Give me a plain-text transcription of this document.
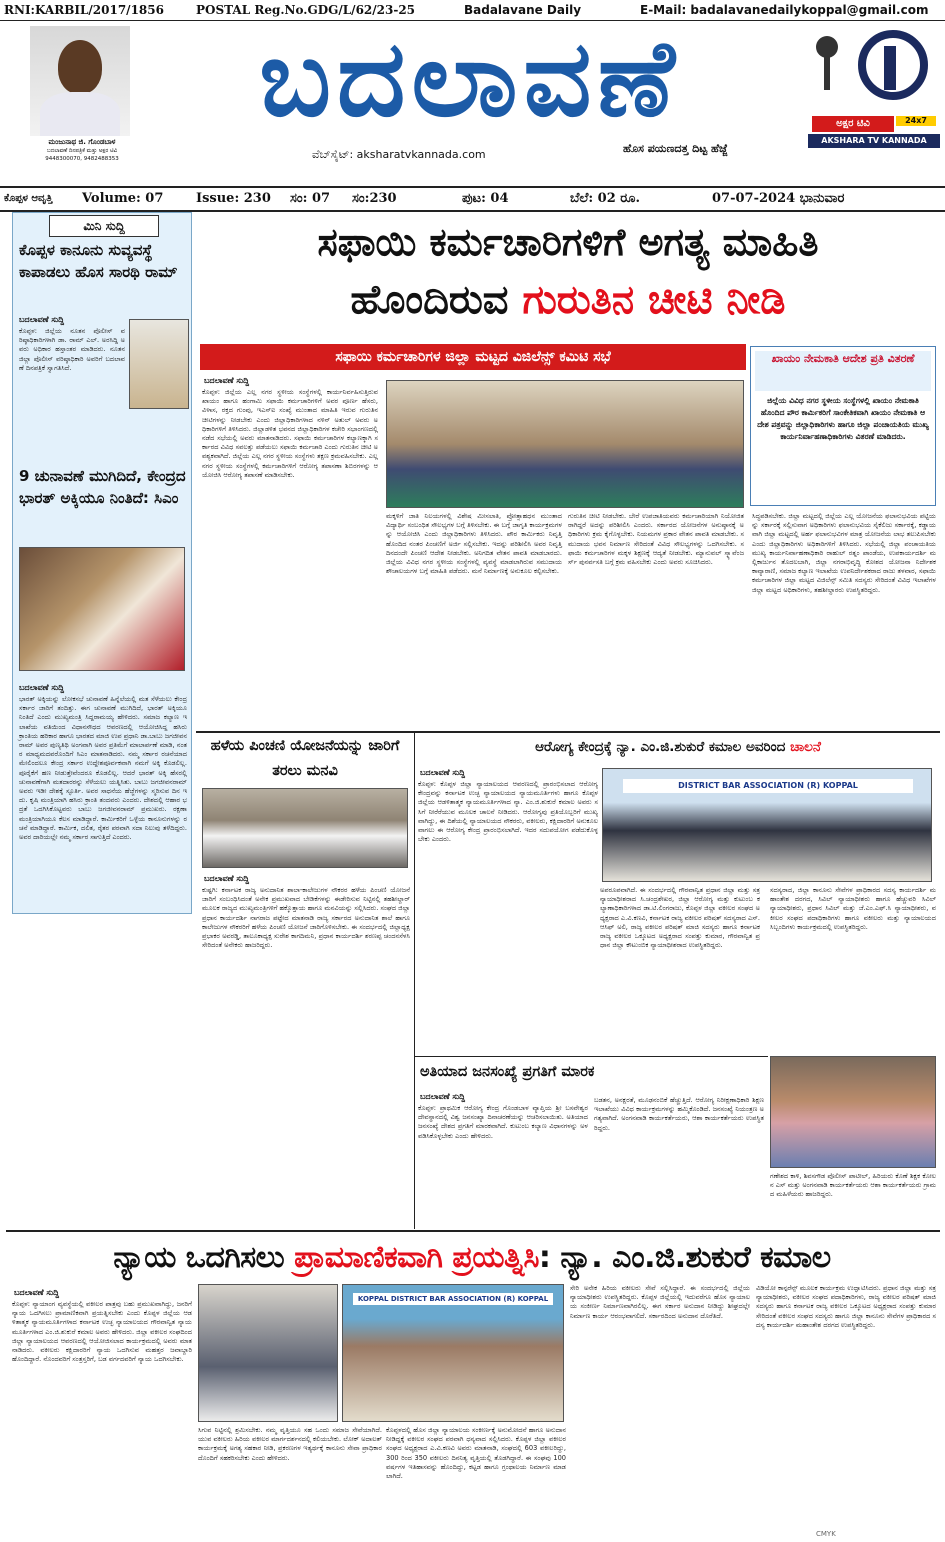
RNI:KARBIL/2017/1856	POSTAL Reg.No.GDG/L/62/23-25	Badalavane Daily	E-Mail: badalavanedailykoppal@gmail.com
ಮಂಜುನಾಥ ಜಿ. ಗೊಂಡಬಾಳ
ಬದಲಾವಣೆ ದಿನಪತ್ರಿಕೆ ಮತ್ತು ಅಕ್ಷರ ಟಿವಿ
9448300070, 9482488353
ಬದಲಾವಣೆ
ವೆಬ್‌ಸೈಟ್: aksharatvkannada.com	ಹೊಸ ಪಯಣದತ್ತ ದಿಟ್ಟ ಹೆಜ್ಜೆ
ಅಕ್ಷರ ಟಿವಿ	24x7
AKSHARA TV KANNADA
ಕೊಪ್ಪಳ ಆವೃತ್ತಿ Volume: 07	Issue: 230 ಸಂ: 07 ಸಂ:230	ಪುಟ: 04	ಬೆಲೆ: 02 ರೂ.	07-07-2024 ಭಾನುವಾರ
ಮಿನಿ ಸುದ್ದಿ
ಕೊಪ್ಪಳ ಕಾನೂನು ಸುವ್ಯವಸ್ಥೆ ಕಾಪಾಡಲು ಹೊಸ ಸಾರಥಿ ರಾಮ್
ಬದಲಾವಣೆ ಸುದ್ದಿ
ಕೊಪ್ಪಳ: ಜಿಲ್ಲೆಯ ನೂತನ ಪೊಲೀಸ್ ವರಿಷ್ಠಾಧಿಕಾರಿಗಳಾಗಿ ಡಾ. ರಾಮ್ ಎಲ್. ಅರಸಿದ್ದಿ ಅವರು ಅಧಿಕಾರ ಹಸ್ತಾಂತರ ಮಾಡಿದರು. ನೂತನ ಜಿಲ್ಲಾ ಪೊಲೀಸ್ ವರಿಷ್ಠಾಧಿಕಾರಿ ಅವರಿಗೆ ಬದಲಾವಣೆ ದಿನಪತ್ರಿಕೆ ಸ್ವಾಗತಿಸಿದೆ.
9 ಚುನಾವಣೆ ಮುಗಿದಿದೆ, ಕೇಂದ್ರದ ಭಾರತ್ ಅಕ್ಕಿಯೂ ನಿಂತಿದೆ: ಸಿಎಂ
ಬದಲಾವಣೆ ಸುದ್ದಿ
ಭಾರತ್ ಅಕ್ಕಿಯನ್ನು ಲೋಕಸಭೆ ಚುನಾವಣೆ ಹಿನ್ನೆಲೆಯಲ್ಲಿ ಮತ ಸೆಳೆಯಲು ಕೇಂದ್ರ ಸರ್ಕಾರ ಜಾರಿಗೆ ತಂದಿತ್ತು. ಈಗ ಚುನಾವಣೆ ಮುಗಿದಿದೆ, ಭಾರತ್ ಅಕ್ಕಿಯೂ ನಿಂತಿದೆ ಎಂದು ಮುಖ್ಯಮಂತ್ರಿ ಸಿದ್ದರಾಮಯ್ಯ ಹೇಳಿದರು. ಸಮಾಜ ಕಲ್ಯಾಣ ಇಲಾಖೆಯ ವತಿಯಿಂದ ವಿಧಾನಸೌಧದ ಆವರಣದಲ್ಲಿ ಆಯೋಜಿಸಿದ್ದ ಹಸಿರು ಕ್ರಾಂತಿಯ ಹರಿಕಾರ ಹಾಗೂ ಭಾರತದ ಮಾಜಿ ಉಪ ಪ್ರಧಾನಿ ಡಾ.ಬಾಬು ಜಗಜೀವನರಾಮ್ ಅವರ ಪುಣ್ಯತಿಥಿ ಅಂಗವಾಗಿ ಅವರ ಪ್ರತಿಮೆಗೆ ಮಾಲಾರ್ಪಣೆ ಮಾಡಿ, ನಂತರ ಮಾಧ್ಯಮದವರೊಂದಿಗೆ ಸಿಎಂ ಮಾತನಾಡಿದರು. ನಮ್ಮ ಸರ್ಕಾರ ರಚನೆಯಾದ ಮೇಲಿಂದಲೂ ಕೇಂದ್ರ ಸರ್ಕಾರ ಉದ್ದೇಶಪೂರ್ವಕವಾಗಿ ನಮಗೆ ಅಕ್ಕಿ ಕೊಡಲಿಲ್ಲ. ಪೂರೈಕೆಗೆ ಹಣ ನೀಡುತ್ತೇವೆಂದರೂ ಕೊಡಲಿಲ್ಲ. ಆದರೆ ಭಾರತ್ ಅಕ್ಕಿ ಹೆಸರಲ್ಲಿ ಚುನಾವಣೆಗಾಗಿ ಮತದಾರರನ್ನು ಸೆಳೆಯಲು ಯತ್ನಿಸಿತು. ಬಾಬು ಜಗಜೀವನರಾಮ್ ಅವರು ಇಡೀ ದೇಶಕ್ಕೆ ಸ್ಫೂರ್ತಿ. ಅವರ ಸಾಧನೆಯ ಹೆಜ್ಜೆಗಳನ್ನು ಸ್ಮರಿಸುವ ದಿನ ಇದು. ಕೃಷಿ ಮಂತ್ರಿಯಾಗಿ ಹಸಿರು ಕ್ರಾಂತಿ ತಂದವರು ಎಂದರು. ದೇಶದಲ್ಲಿ ಆಹಾರ ಭದ್ರತೆ ಒದಗಿಸಿಕೊಟ್ಟವರು ಬಾಬು ಜಗಜೀವನರಾಮ್ ಪ್ರಮುಖರು. ರಕ್ಷಣಾ ಮಂತ್ರಿಯಾಗಿಯೂ ಕೆಲಸ ಮಾಡಿದ್ದಾರೆ. ಕಾರ್ಮಿಕರಿಗೆ ಒಳ್ಳೆಯ ಕಾನೂನುಗಳನ್ನು ರಚನೆ ಮಾಡಿದ್ದಾರೆ. ಕಾರ್ಮಿಕ, ದಲಿತ, ರೈತರ ಪರವಾಗಿ ಸದಾ ನಿಲುವು ತಳೆದಿದ್ದರು. ಅವರ ದಾರಿಯಲ್ಲೇ ನಮ್ಮ ಸರ್ಕಾರ ಸಾಗುತ್ತಿದೆ ಎಂದರು.
ಸಫಾಯಿ ಕರ್ಮಚಾರಿಗಳಿಗೆ ಅಗತ್ಯ ಮಾಹಿತಿ
ಹೊಂದಿರುವ ಗುರುತಿನ ಚೀಟಿ ನೀಡಿ
ಸಫಾಯಿ ಕರ್ಮಚಾರಿಗಳ ಜಿಲ್ಲಾ ಮಟ್ಟದ ವಿಜಿಲೆನ್ಸ್ ಕಮಿಟಿ ಸಭೆ
ಬದಲಾವಣೆ ಸುದ್ದಿ
ಕೊಪ್ಪಳ: ಜಿಲ್ಲೆಯ ಎಲ್ಲ ನಗರ ಸ್ಥಳೀಯ ಸಂಸ್ಥೆಗಳಲ್ಲಿ ಕಾರ್ಯನಿರ್ವಹಿಸುತ್ತಿರುವ ಖಾಯಂ ಹಾಗೂ ಹಂಗಾಮಿ ಸಫಾಯಿ ಕರ್ಮಚಾರಿಗಳಿಗೆ ಅವರ ಪೂರ್ಣ ಹೆಸರು, ವಿಳಾಸ, ರಕ್ತದ ಗುಂಪು, ಇಎಸ್‌ಐ ಸಂಖ್ಯೆ ಮುಂತಾದ ಮಾಹಿತಿ ಇರುವ ಗುರುತಿನ ಚೀಟಿಗಳನ್ನು ನೀಡಬೇಕು ಎಂದು ಜಿಲ್ಲಾಧಿಕಾರಿಗಳಾದ ನಳಿನ್ ಅತುಲ್ ಅವರು ಅಧಿಕಾರಿಗಳಿಗೆ ತಿಳಿಸಿದರು. ಜಿಲ್ಲಾಡಳಿತ ಭವನದ ಜಿಲ್ಲಾಧಿಕಾರಿಗಳ ಕಚೇರಿ ಸಭಾಂಗಣದಲ್ಲಿ ನಡೆದ ಸಭೆಯಲ್ಲಿ ಅವರು ಮಾತನಾಡಿದರು. ಸಫಾಯಿ ಕರ್ಮಚಾರಿಗಳ ಕಲ್ಯಾಣಕ್ಕಾಗಿ ಸರ್ಕಾರದ ವಿವಿಧ ಸವಲತ್ತು ಪಡೆಯಲು ಸಫಾಯಿ ಕರ್ಮಚಾರಿ ಎಂದು ಗುರುತಿನ ಚೀಟಿ ಅವಶ್ಯಕವಾಗಿದೆ. ಜಿಲ್ಲೆಯ ಎಲ್ಲ ನಗರ ಸ್ಥಳೀಯ ಸಂಸ್ಥೆಗಳು ತಕ್ಷಣ ಕ್ರಮವಹಿಸಬೇಕು. ಎಲ್ಲ ನಗರ ಸ್ಥಳೀಯ ಸಂಸ್ಥೆಗಳಲ್ಲಿ ಕರ್ಮಚಾರಿಗಳಿಗೆ ಆರೋಗ್ಯ ತಪಾಸಣಾ ಶಿಬಿರಗಳನ್ನು ಆಯೋಜಿಸಿ ಆರೋಗ್ಯ ತಪಾಸಣೆ ಮಾಡಿಸಬೇಕು.
ಮಕ್ಕಳಿಗೆ ಜಾತಿ ನಿಲಯಗಳಲ್ಲಿ ವಿಶೇಷ ಮೀಸಲಾತಿ, ಪ್ರೋತ್ಸಾಹಧನ ಮುಂತಾದ ವಿದ್ಯಾರ್ಥಿ ಸಂಬಂಧಿತ ಸೌಲಭ್ಯಗಳ ಬಗ್ಗೆ ತಿಳಿಸಬೇಕು. ಈ ಬಗ್ಗೆ ಜಾಗೃತಿ ಕಾರ್ಯಕ್ರಮಗಳನ್ನು ಆಯೋಜಿಸಿ ಎಂದು ಜಿಲ್ಲಾಧಿಕಾರಿಗಳು ತಿಳಿಸಿದರು. ಪೌರ ಕಾರ್ಮಿಕರು ನಿವೃತ್ತಿ ಹೊಂದಿದ ನಂತರ ಪಿಂಚಣಿಗೆ ಅರ್ಜಿ ಸಲ್ಲಿಸಬೇಕು. ಇದನ್ನು ಪರಿಶೀಲಿಸಿ ಅವರ ನಿವೃತ್ತಿ ದಿನದಂದೇ ಪಿಂಚಣಿ ಆದೇಶ ನೀಡಬೇಕು. ಅನಿಗದಿತ ವೇತನ ಪಾವತಿ ಮಾಡಬಾರದು. ಜಿಲ್ಲೆಯ ವಿವಿಧ ನಗರ ಸ್ಥಳೀಯ ಸಂಸ್ಥೆಗಳಲ್ಲಿ ವ್ಯವಸ್ಥೆ ಮಾಡಲಾಗಿರುವ ಸಮುದಾಯ ಶೌಚಾಲಯಗಳ ಬಗ್ಗೆ ಮಾಹಿತಿ ಪಡೆದರು. ಮನೆ ನಿರ್ಮಾಣಕ್ಕೆ ಅನುಕೂಲ ಕಲ್ಪಿಸಬೇಕು.
ಗುರುತಿನ ಚೀಟಿ ನೀಡಬೇಕು. ಬೇರೆ ಉಪಜಾತಿಯವರು ಕರ್ಮಚಾರಿಯಾಗಿ ನಿಯೋಜಿತರಾಗಿದ್ದರೆ ಅದನ್ನು ಪರಿಶೀಲಿಸಿ ಎಂದರು. ಸರ್ಕಾರದ ಯೋಜನೆಗಳ ಅನುಷ್ಠಾನಕ್ಕೆ ಅಧಿಕಾರಿಗಳು ಕ್ರಮ ಕೈಗೊಳ್ಳಬೇಕು. ನಿಯಮಗಳ ಪ್ರಕಾರ ವೇತನ ಪಾವತಿ ಮಾಡಬೇಕು. ಸಮುದಾಯ ಭವನ ನಿರ್ಮಾಣ ಸೇರಿದಂತೆ ವಿವಿಧ ಸೌಲಭ್ಯಗಳನ್ನು ಒದಗಿಸಬೇಕು. ಸಫಾಯಿ ಕರ್ಮಚಾರಿಗಳ ಮಕ್ಕಳ ಶಿಕ್ಷಣಕ್ಕೆ ಆದ್ಯತೆ ನೀಡಬೇಕು. ಮ್ಯಾನುವಲ್ ಸ್ಕ್ಯಾವೆಂಜರ್ಸ್ ಪುನರ್ವಸತಿ ಬಗ್ಗೆ ಕ್ರಮ ವಹಿಸಬೇಕು ಎಂದು ಅವರು ಸೂಚಿಸಿದರು.
ಖಾಯಂ ನೇಮಕಾತಿ ಆದೇಶ ಪ್ರತಿ ವಿತರಣೆ
ಜಿಲ್ಲೆಯ ವಿವಿಧ ನಗರ ಸ್ಥಳೀಯ ಸಂಸ್ಥೆಗಳಲ್ಲಿ ಖಾಯಂ ನೇಮಕಾತಿ ಹೊಂದಿದ ಪೌರ ಕಾರ್ಮಿಕರಿಗೆ ಸಾಂಕೇತಿಕವಾಗಿ ಖಾಯಂ ನೇಮಕಾತಿ ಆದೇಶ ಪತ್ರವನ್ನು ಜಿಲ್ಲಾಧಿಕಾರಿಗಳು ಹಾಗೂ ಜಿಲ್ಲಾ ಪಂಚಾಯತಿಯ ಮುಖ್ಯ ಕಾರ್ಯನಿರ್ವಾಹಣಾಧಿಕಾರಿಗಳು ವಿತರಣೆ ಮಾಡಿದರು.
ಸಿದ್ಧಪಡಿಸಬೇಕು. ಜಿಲ್ಲಾ ಮಟ್ಟದಲ್ಲಿ ಜಿಲ್ಲೆಯ ಎಲ್ಲ ಯೋಜನೆಯ ಫಲಾನುಭವಿಯ ಪಟ್ಟಿಯನ್ನು ಸರ್ಕಾರಕ್ಕೆ ಸಲ್ಲಿಸುವಾಗ ಅಧಿಕಾರಿಗಳು ಫಲಾನುಭವಿಯ ಸೈಕೆಲಿಜು ಸರ್ಕಾರಕ್ಕೆ, ಕಡ್ಡಾಯವಾಗಿ ಜಿಲ್ಲಾ ಮಟ್ಟದಲ್ಲಿ ಅರ್ಹ ಫಲಾನುಭವಿಗಳ ಮಾತ್ರ ಯೋಜನೆಯ ಲಾಭ ತಲುಪಿಸಬೇಕು ಎಂದು ಜಿಲ್ಲಾಧಿಕಾರಿಗಳು ಅಧಿಕಾರಿಗಳಿಗೆ ತಿಳಿಸಿದರು. ಸಭೆಯಲ್ಲಿ ಜಿಲ್ಲಾ ಪಂಚಾಯತಿಯ ಮುಖ್ಯ ಕಾರ್ಯನಿರ್ವಾಹಣಾಧಿಕಾರಿ ರಾಹುಲ್ ರತ್ನಂ ಪಾಂಡೆಯ, ಉಪಕಾರ್ಯದರ್ಶಿ ಮಲ್ಲಿಕಾರ್ಜುನ ತೊದಲಬಾಗಿ, ಜಿಲ್ಲಾ ನಗರಾಭಿವೃದ್ಧಿ ಕೋಶದ ಯೋಜನಾ ನಿರ್ದೇಶಕ ಕಾವ್ಯಾರಾಣಿ, ಸಮಾಜ ಕಲ್ಯಾಣ ಇಲಾಖೆಯ ಉಪನಿರ್ದೇಶಕರಾದ ರಾಜು ತಳವಾರ, ಸಫಾಯಿ ಕರ್ಮಚಾರಿಗಳ ಜಿಲ್ಲಾ ಮಟ್ಟದ ವಿಜಿಲೆನ್ಸ್ ಸಮಿತಿ ಸದಸ್ಯರು ಸೇರಿದಂತೆ ವಿವಿಧ ಇಲಾಖೆಗಳ ಜಿಲ್ಲಾ ಮಟ್ಟದ ಅಧಿಕಾರಿಗಳು, ತಹಶೀಲ್ದಾರರು ಉಪಸ್ಥಿತರಿದ್ದರು.
ಹಳೆಯ ಪಿಂಚಣಿ ಯೋಜನೆಯನ್ನು ಜಾರಿಗೆ ತರಲು ಮನವಿ
ಬದಲಾವಣೆ ಸುದ್ದಿ
ಕುಷ್ಟಗಿ: ಕರ್ನಾಟಕ ರಾಜ್ಯ ಅನುದಾನಿತ ಶಾಲಾ-ಕಾಲೇಜುಗಳ ನೌಕರರ ಹಳೆಯ ಪಿಂಚಣಿ ಯೋಜನೆ ಜಾರಿಗೆ ಸಂಬಂಧಿಸಿದಂತೆ ಅನೇಕ ಪ್ರಮುಖವಾದ ಬೇಡಿಕೆಗಳನ್ನು ಈಡೇರಿಸುವ ನಿಟ್ಟಿನಲ್ಲಿ ತಹಶೀಲ್ದಾರ್ ಮೂಲಕ ರಾಜ್ಯದ ಮುಖ್ಯಮಂತ್ರಿಗಳಿಗೆ ಹಕ್ಕೊತ್ತಾಯ ಹಾಗೂ ಮನವಿಯನ್ನು ಸಲ್ಲಿಸಿದರು. ಸಂಘದ ಜಿಲ್ಲಾ ಪ್ರಧಾನ ಕಾರ್ಯದರ್ಶಿ ನಾಗರಾಜ ಪಟ್ಟೇದ ಮಾತನಾಡಿ ರಾಜ್ಯ ಸರ್ಕಾರದ ಅನುದಾನಿತ ಶಾಲೆ ಹಾಗೂ ಕಾಲೇಜುಗಳ ನೌಕರರಿಗೆ ಹಳೆಯ ಪಿಂಚಣಿ ಯೋಜನೆ ಜಾರಿಗೊಳಿಸಬೇಕು. ಈ ಸಂದರ್ಭದಲ್ಲಿ ಜಿಲ್ಲಾಧ್ಯಕ್ಷ ಪ್ರಭಾಕರ ಅವರಡ್ಡಿ, ತಾಲೂಕಾಧ್ಯಕ್ಷ ಸುರೇಶ ಕಾಗದಿಮನಿ, ಪ್ರಧಾನ ಕಾರ್ಯದರ್ಶಿ ಶರಣಪ್ಪ ಚಂದನಸೆಳಸಿ ಸೇರಿದಂತೆ ಅನೇಕರು ಹಾಜರಿದ್ದರು.
ಆರೋಗ್ಯ ಕೇಂದ್ರಕ್ಕೆ ನ್ಯಾ. ಎಂ.ಜಿ.ಶುಕುರೆ ಕಮಾಲ ಅವರಿಂದ ಚಾಲನೆ
ಬದಲಾವಣೆ ಸುದ್ದಿ
ಕೊಪ್ಪಳ: ಕೊಪ್ಪಳ ಜಿಲ್ಲಾ ನ್ಯಾಯಾಲಯದ ಆವರಣದಲ್ಲಿ ಪ್ರಾರಂಭಿಸಲಾದ ಆರೋಗ್ಯ ಕೇಂದ್ರವನ್ನು ಕರ್ನಾಟಕ ಉಚ್ಛ ನ್ಯಾಯಾಲಯದ ನ್ಯಾಯಮೂರ್ತಿಗಳು ಹಾಗೂ ಕೊಪ್ಪಳ ಜಿಲ್ಲೆಯ ಆಡಳಿತಾತ್ಮಕ ನ್ಯಾಯಮೂರ್ತಿಗಳಾದ ನ್ಯಾ. ಎಂ.ಜಿ.ಶುಕುರೆ ಕಮಾಲ ಅವರು ಸಸಿಗೆ ನೀರೆರೆಯುವ ಮೂಲಕ ಚಾಲನೆ ನೀಡಿದರು. ಆರೋಗ್ಯವು ಪ್ರತಿಯೊಬ್ಬರಿಗೆ ಮುಖ್ಯವಾಗಿದ್ದು, ಈ ದಿಶೆಯಲ್ಲಿ ನ್ಯಾಯಾಲಯದ ನೌಕರರು, ವಕೀಲರು, ಕಕ್ಷಿದಾರರಿಗೆ ಅನುಕೂಲವಾಗಲು ಈ ಆರೋಗ್ಯ ಕೇಂದ್ರ ಪ್ರಾರಂಭಿಸಲಾಗಿದೆ. ಇದರ ಸದುಪಯೋಗ ಪಡೆದುಕೊಳ್ಳಬೇಕು ಎಂದರು.
DISTRICT BAR ASSOCIATION (R) KOPPAL
ಅಪರೂಪವಾಗಿದೆ. ಈ ಸಂದರ್ಭದಲ್ಲಿ ಗೌರವಾನ್ವಿತ ಪ್ರಧಾನ ಜಿಲ್ಲಾ ಮತ್ತು ಸತ್ರ ನ್ಯಾಯಾಧೀಶರಾದ ಸಿ.ಚಂದ್ರಶೇಖರ, ಜಿಲ್ಲಾ ಆರೋಗ್ಯ ಮತ್ತು ಕುಟುಂಬ ಕಲ್ಯಾಣಾಧಿಕಾರಿಗಳಾದ ಡಾ.ಟಿ.ಲಿಂಗರಾಜು, ಕೊಪ್ಪಳ ಜಿಲ್ಲಾ ವಕೀಲರ ಸಂಘದ ಅಧ್ಯಕ್ಷರಾದ ಎ.ವಿ.ಕಣವಿ, ಕರ್ನಾಟಕ ರಾಜ್ಯ ವಕೀಲರ ಪರಿಷತ್ ಸದಸ್ಯರಾದ ಎಸ್.ಆಸಿಫ್ ಅಲಿ, ರಾಜ್ಯ ವಕೀಲರ ಪರಿಷತ್ ಮಾಜಿ ಸದಸ್ಯರು ಹಾಗೂ ಕರ್ನಾಟಕ ರಾಜ್ಯ ವಕೀಲರ ಒಕ್ಕೂಟದ ಅಧ್ಯಕ್ಷರಾದ ಸಂಪತ್ತು ಕುಮಾರ, ಗೌರವಾನ್ವಿತ ಪ್ರಧಾನ ಜಿಲ್ಲಾ ಕೌಟುಂಬಿಕ ನ್ಯಾಯಾಧೀಶರಾದ ಉಪಸ್ಥಿತರಿದ್ದರು.
ಸದಸ್ಯರಾದ, ಜಿಲ್ಲಾ ಕಾನೂನು ಸೇವೆಗಳ ಪ್ರಾಧಿಕಾರದ ಸದಸ್ಯ ಕಾರ್ಯದರ್ಶಿ ಮಹಾಂತೇಶ ದರಗದ, ಸಿವಿಲ್ ನ್ಯಾಯಾಧೀಶರು ಹಾಗೂ ಹೆಚ್ಚುವರಿ ಸಿವಿಲ್ ನ್ಯಾಯಾಧೀಶರು, ಪ್ರಧಾನ ಸಿವಿಲ್ ಮತ್ತು ಜೆ.ಎಂ.ಎಫ್.ಸಿ ನ್ಯಾಯಾಧೀಶರು, ವಕೀಲರ ಸಂಘದ ಪದಾಧಿಕಾರಿಗಳು ಹಾಗೂ ವಕೀಲರು ಮತ್ತು ನ್ಯಾಯಾಲಯದ ಸಿಬ್ಬಂದಿಗಳು ಕಾರ್ಯಕ್ರಮದಲ್ಲಿ ಉಪಸ್ಥಿತರಿದ್ದರು.
ಅತಿಯಾದ ಜನಸಂಖ್ಯೆ ಪ್ರಗತಿಗೆ ಮಾರಕ
ಬದಲಾವಣೆ ಸುದ್ದಿ
ಕೊಪ್ಪಳ: ಪ್ರಾಥಮಿಕ ಆರೋಗ್ಯ ಕೇಂದ್ರ ಗೊಂಡಬಾಳ ವ್ಯಾಪ್ತಿಯ ಶ್ರೀ ಬಸವೇಶ್ವರ ದೇವಸ್ಥಾನದಲ್ಲಿ ವಿಶ್ವ ಜನಸಂಖ್ಯಾ ದಿನಾಚರಣೆಯನ್ನು ಆಚರಿಸಲಾಯಿತು. ಅತಿಯಾದ ಜನಸಂಖ್ಯೆ ದೇಶದ ಪ್ರಗತಿಗೆ ಮಾರಕವಾಗಿದೆ. ಕುಟುಂಬ ಕಲ್ಯಾಣ ವಿಧಾನಗಳನ್ನು ಅಳವಡಿಸಿಕೊಳ್ಳಬೇಕು ಎಂದು ಹೇಳಿದರು.
ಬಡತನ, ಅನಕ್ಷರತೆ, ಮೂಢನಂಬಿಕೆ ಹೆಚ್ಚುತ್ತಿದೆ. ಆರೋಗ್ಯ ನಿರೀಕ್ಷಣಾಧಿಕಾರಿ ಶಿಕ್ಷಣ ಇಲಾಖೆಯು ವಿವಿಧ ಕಾರ್ಯಕ್ರಮಗಳನ್ನು ಹಮ್ಮಿಕೊಂಡಿದೆ. ಜನಸಂಖ್ಯೆ ನಿಯಂತ್ರಣ ಅಗತ್ಯವಾಗಿದೆ. ಅಂಗನವಾಡಿ ಕಾರ್ಯಕರ್ತೆಯರು, ಆಶಾ ಕಾರ್ಯಕರ್ತೆಯರು ಉಪಸ್ಥಿತರಿದ್ದರು.
ಗಣೇಶದ ಕಾಳಿ, ಶಿವಸಗೌಡ ಪೊಲೀಸ್ ಪಾಟೀಲ್, ಹಿರಿಯರು ಕೊಣೆ ಶಿಕ್ಷಕ ಕೋಲನ ಎಸ್ ಮತ್ತು ಅಂಗನವಾಡಿ ಕಾರ್ಯಕರ್ತೆಯರು ಆಶಾ ಕಾರ್ಯಕರ್ತೆಯರು ಗ್ರಾಮದ ಮಹಿಳೆಯರು ಹಾಜರಿದ್ದರು.
ನ್ಯಾಯ ಒದಗಿಸಲು ಪ್ರಾಮಾಣಿಕವಾಗಿ ಪ್ರಯತ್ನಿಸಿ: ನ್ಯಾ. ಎಂ.ಜಿ.ಶುಕುರೆ ಕಮಾಲ
ಬದಲಾವಣೆ ಸುದ್ದಿ
ಕೊಪ್ಪಳ: ನ್ಯಾಯಾಂಗ ವ್ಯವಸ್ಥೆಯಲ್ಲಿ ವಕೀಲರ ಪಾತ್ರವು ಬಹು ಪ್ರಮುಖವಾಗಿದ್ದು, ಜನರಿಗೆ ನ್ಯಾಯ ಒದಗಿಸಲು ಪ್ರಾಮಾಣಿಕವಾಗಿ ಪ್ರಯತ್ನಿಸಬೇಕು ಎಂದು ಕೊಪ್ಪಳ ಜಿಲ್ಲೆಯ ಆಡಳಿತಾತ್ಮಕ ನ್ಯಾಯಮೂರ್ತಿಗಳಾದ ಕರ್ನಾಟಕ ಉಚ್ಛ ನ್ಯಾಯಾಲಯದ ಗೌರವಾನ್ವಿತ ನ್ಯಾಯಮೂರ್ತಿಗಳಾದ ಎಂ.ಜಿ.ಶುಕುರೆ ಕಮಾಲ ಅವರು ಹೇಳಿದರು. ಜಿಲ್ಲಾ ವಕೀಲರ ಸಂಘದಿಂದ ಜಿಲ್ಲಾ ನ್ಯಾಯಾಲಯದ ಆವರಣದಲ್ಲಿ ಆಯೋಜಿಸಲಾದ ಕಾರ್ಯಕ್ರಮದಲ್ಲಿ ಅವರು ಮಾತನಾಡಿದರು. ವಕೀಲರು ಕಕ್ಷಿದಾರರಿಗೆ ನ್ಯಾಯ ಒದಗಿಸುವ ಮಹತ್ತರ ಜವಾಬ್ದಾರಿ ಹೊಂದಿದ್ದಾರೆ. ನೊಂದವರಿಗೆ ಸಂತ್ರಸ್ತರಿಗೆ, ಬಡ ವರ್ಗದವರಿಗೆ ನ್ಯಾಯ ಒದಗಿಸಬೇಕು.
KOPPAL DISTRICT BAR ASSOCIATION (R) KOPPAL
ಸಿಗುವ ನಿಟ್ಟಿನಲ್ಲಿ ಶ್ರಮಿಸಬೇಕು. ನಮ್ಮ ವೃತ್ತಿಯೂ ಸಹ ಒಂದು ಸಮಾಜ ಸೇವೆಯಾಗಿದೆ. ಯುವ ವಕೀಲರು ಹಿರಿಯ ವಕೀಲರ ಮಾರ್ಗದರ್ಶನದಲ್ಲಿ ಕಲಿಯಬೇಕು. ಲೋಕ್ ಅದಾಲತ್ ಕಾರ್ಯಕ್ರಮಕ್ಕೆ ಅಗತ್ಯ ಸಹಕಾರ ನೀಡಿ, ಪ್ರಕರಣಗಳ ಇತ್ಯರ್ಥಕ್ಕೆ ಕಾನೂನು ಸೇವಾ ಪ್ರಾಧಿಕಾರದೊಂದಿಗೆ ಸಹಕರಿಸಬೇಕು ಎಂದು ಹೇಳಿದರು.
ಕೊಪ್ಪಳದಲ್ಲಿ ಹೊಸ ಜಿಲ್ಲಾ ನ್ಯಾಯಾಲಯ ಸಂಕೀರ್ಣಕ್ಕೆ ಅನುಮೋದನೆ ಹಾಗೂ ಅನುದಾನ ನೀಡಿದ್ದಕ್ಕೆ ವಕೀಲರ ಸಂಘದ ಪರವಾಗಿ ಧನ್ಯವಾದ ಸಲ್ಲಿಸಿದರು. ಕೊಪ್ಪಳ ಜಿಲ್ಲಾ ವಕೀಲರ ಸಂಘದ ಅಧ್ಯಕ್ಷರಾದ ಎ.ವಿ.ಕಣವಿ ಅವರು ಮಾತನಾಡಿ, ಸಂಘದಲ್ಲಿ 603 ವಕೀಲರಿದ್ದು, 300 ರಿಂದ 350 ವಕೀಲರು ದಿನನಿತ್ಯ ವೃತ್ತಿಯಲ್ಲಿ ತೊಡಗಿದ್ದಾರೆ. ಈ ಸಂಘವು 100 ವರ್ಷಗಳ ಇತಿಹಾಸವನ್ನು ಹೊಂದಿದ್ದು, ಕಟ್ಟಡ ಹಾಗೂ ಗ್ರಂಥಾಲಯ ನಿರ್ಮಾಣ ಮಾಡಲಾಗಿದೆ.
ಸೇರಿ ಅನೇಕ ಹಿರಿಯ ವಕೀಲರು ಸೇವೆ ಸಲ್ಲಿಸಿದ್ದಾರೆ. ಈ ಸಂದರ್ಭದಲ್ಲಿ ಜಿಲ್ಲೆಯ ನ್ಯಾಯಾಧೀಶರು ಉಪಸ್ಥಿತರಿದ್ದರು. ಕೊಪ್ಪಳ ಜಿಲ್ಲೆಯಲ್ಲಿ ಇದುವರೆಗೂ ಹೊಸ ನ್ಯಾಯಾಲಯ ಸಂಕೀರ್ಣ ನಿರ್ಮಾಣವಾಗಿರಲಿಲ್ಲ. ಈಗ ಸರ್ಕಾರ ಅನುದಾನ ನೀಡಿದ್ದು ಶೀಘ್ರದಲ್ಲೇ ನಿರ್ಮಾಣ ಕಾರ್ಯ ಆರಂಭವಾಗಲಿದೆ. ಸರ್ಕಾರದಿಂದ ಅನುದಾನ ದೊರೆತಿದೆ.
ವಿಡಿಯೋ ಕಾನ್ಫರೆನ್ಸ್ ಮೂಲಕ ಕಾರ್ಯಕ್ರಮ ಉದ್ಘಾಟಿಸಿದರು. ಪ್ರಧಾನ ಜಿಲ್ಲಾ ಮತ್ತು ಸತ್ರ ನ್ಯಾಯಾಧೀಶರು, ವಕೀಲರ ಸಂಘದ ಪದಾಧಿಕಾರಿಗಳು, ರಾಜ್ಯ ವಕೀಲರ ಪರಿಷತ್ ಮಾಜಿ ಸದಸ್ಯರು ಹಾಗೂ ಕರ್ನಾಟಕ ರಾಜ್ಯ ವಕೀಲರ ಒಕ್ಕೂಟದ ಅಧ್ಯಕ್ಷರಾದ ಸಂಪತ್ತು ಕುಮಾರ ಸೇರಿದಂತೆ ವಕೀಲರ ಸಂಘದ ಸದಸ್ಯರು ಹಾಗೂ ಜಿಲ್ಲಾ ಕಾನೂನು ಸೇವೆಗಳ ಪ್ರಾಧಿಕಾರದ ಸದಸ್ಯ ಕಾರ್ಯದರ್ಶಿ ಮಹಾಂತೇಶ ದರಗದ ಉಪಸ್ಥಿತರಿದ್ದರು.
CMYK
